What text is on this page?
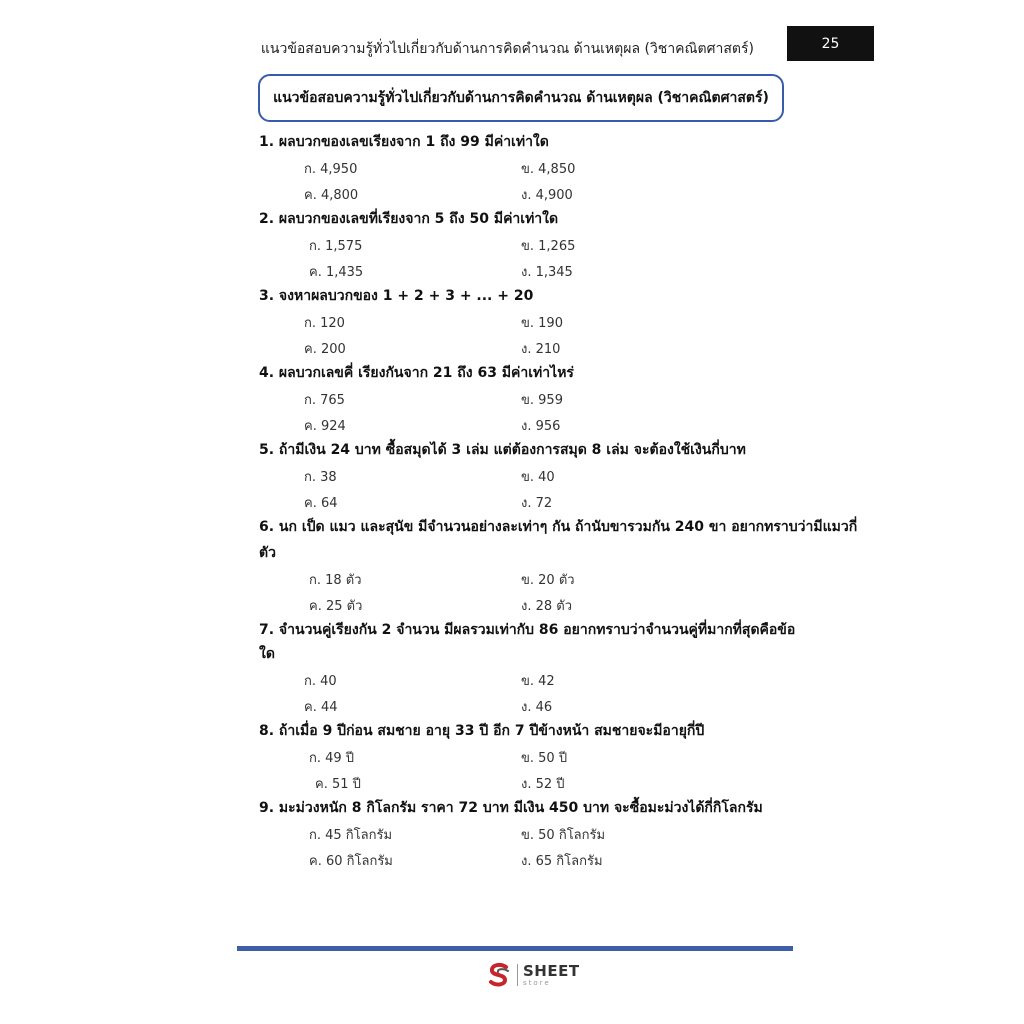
แนวข้อสอบความรู้ทั่วไปเกี่ยวกับด้านการคิดคำนวณ ด้านเหตุผล (วิชาคณิตศาสตร์)	25
แนวข้อสอบความรู้ทั่วไปเกี่ยวกับด้านการคิดคำนวณ ด้านเหตุผล (วิชาคณิตศาสตร์)
1. ผลบวกของเลขเรียงจาก 1 ถึง 99 มีค่าเท่าใด
ก. 4,950	ข. 4,850
ค. 4,800	ง. 4,900
2. ผลบวกของเลขที่เรียงจาก 5 ถึง 50 มีค่าเท่าใด
ก. 1,575	ข. 1,265
ค. 1,435	ง. 1,345
3. จงหาผลบวกของ 1 + 2 + 3 + ... + 20
ก. 120	ข. 190
ค. 200	ง. 210
4. ผลบวกเลขคี่ เรียงกันจาก 21 ถึง 63 มีค่าเท่าไหร่
ก. 765	ข. 959
ค. 924	ง. 956
5. ถ้ามีเงิน 24 บาท ซื้อสมุดได้ 3 เล่ม แต่ต้องการสมุด 8 เล่ม จะต้องใช้เงินกี่บาท
ก. 38	ข. 40
ค. 64	ง. 72
6. นก เป็ด แมว และสุนัข มีจำนวนอย่างละเท่าๆ กัน ถ้านับขารวมกัน 240 ขา อยากทราบว่ามีแมวกี่
ตัว
ก. 18 ตัว	ข. 20 ตัว
ค. 25 ตัว	ง. 28 ตัว
7. จำนวนคู่เรียงกัน 2 จำนวน มีผลรวมเท่ากับ 86 อยากทราบว่าจำนวนคู่ที่มากที่สุดคือข้อใด
ก. 40	ข. 42
ค. 44	ง. 46
8. ถ้าเมื่อ 9 ปีก่อน สมชาย อายุ 33 ปี อีก 7 ปีข้างหน้า สมชายจะมีอายุกี่ปี
ก. 49 ปี	ข. 50 ปี
ค. 51 ปี	ง. 52 ปี
9. มะม่วงหนัก 8 กิโลกรัม ราคา 72 บาท มีเงิน 450 บาท จะซื้อมะม่วงได้กี่กิโลกรัม
ก. 45 กิโลกรัม	ข. 50 กิโลกรัม
ค. 60 กิโลกรัม	ง. 65 กิโลกรัม
SHEET
store
